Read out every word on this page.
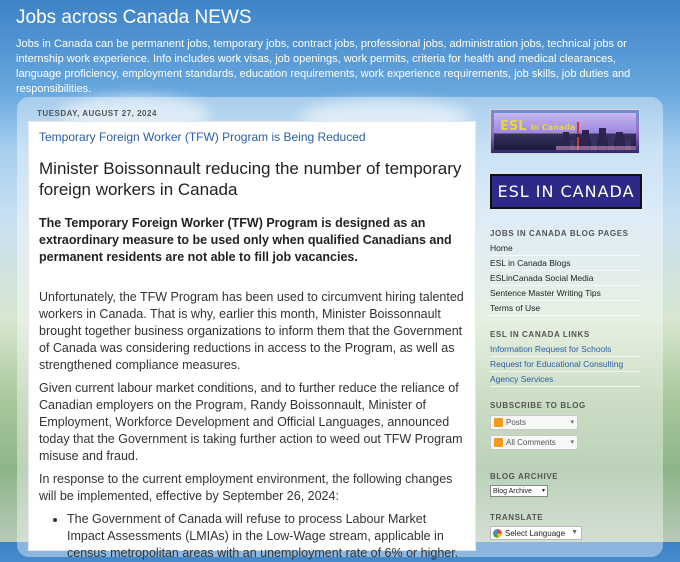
Jobs across Canada NEWS

Jobs in Canada can be permanent jobs, temporary jobs, contract jobs, professional jobs, administration jobs, technical jobs or internship work experience. Info includes work visas, job openings, work permits, criteria for health and medical clearances, language proficiency, employment standards, education requirements, work experience requirements, job skills, job duties and responsibilities.

TUESDAY, AUGUST 27, 2024
Temporary Foreign Worker (TFW) Program is Being Reduced
Minister Boissonnault reducing the number of temporary foreign workers in Canada
The Temporary Foreign Worker (TFW) Program is designed as an extraordinary measure to be used only when qualified Canadians and permanent residents are not able to fill job vacancies.

Unfortunately, the TFW Program has been used to circumvent hiring talented workers in Canada. That is why, earlier this month, Minister Boissonnault brought together business organizations to inform them that the Government of Canada was considering reductions in access to the Program, as well as strengthened compliance measures.

Given current labour market conditions, and to further reduce the reliance of Canadian employers on the Program, Randy Boissonnault, Minister of Employment, Workforce Development and Official Languages, announced today that the Government is taking further action to weed out TFW Program misuse and fraud.

In response to the current employment environment, the following changes will be implemented, effective by September 26, 2024:

• The Government of Canada will refuse to process Labour Market Impact Assessments (LMIAs) in the Low-Wage stream, applicable in census metropolitan areas with an unemployment rate of 6% or higher.
ESL in Canada
ESL IN CANADA
JOBS IN CANADA BLOG PAGES
Home
ESL in Canada Blogs
ESLinCanada Social Media
Sentence Master Writing Tips
Terms of Use
ESL IN CANADA LINKS
Information Request for Schools
Request for Educational Consulting
Agency Services
SUBSCRIBE TO BLOG
Posts	▾
All Comments ▾
BLOG ARCHIVE
Blog Archive ▾
TRANSLATE
Select Language ▼
